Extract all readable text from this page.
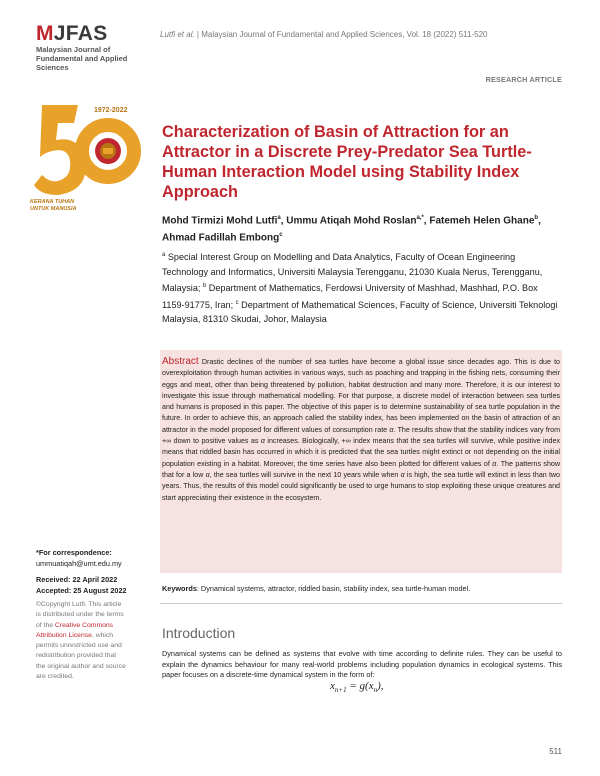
MJFAS
Malaysian Journal of Fundamental and Applied Sciences
Lutfi et al. | Malaysian Journal of Fundamental and Applied Sciences, Vol. 18 (2022) 511-520
RESEARCH ARTICLE
1972-2022
KERANA TUHAN
UNTUK MANUSIA
Characterization of Basin of Attraction for an Attractor in a Discrete Prey-Predator Sea Turtle-Human Interaction Model using Stability Index Approach
Mohd Tirmizi Mohd Lutfi$^a$, Ummu Atiqah Mohd Roslan$^{a,*}$, Fatemeh Helen Ghane$^b$, Ahmad Fadillah Embong$^c$
$^a$ Special Interest Group on Modelling and Data Analytics, Faculty of Ocean Engineering Technology and Informatics, Universiti Malaysia Terengganu, 21030 Kuala Nerus, Terengganu, Malaysia; $^b$ Department of Mathematics, Ferdowsi University of Mashhad, Mashhad, P.O. Box 1159-91775, Iran; $^c$ Department of Mathematical Sciences, Faculty of Science, Universiti Teknologi Malaysia, 81310 Skudai, Johor, Malaysia
Abstract Drastic declines of the number of sea turtles have become a global issue since decades ago. This is due to overexploitation through human activities in various ways, such as poaching and trapping in the fishing nets, consuming their eggs and meat, other than being threatened by pollution, habitat destruction and many more. Therefore, it is our interest to investigate this issue through mathematical modelling. For that purpose, a discrete model of interaction between sea turtles and humans is proposed in this paper. The objective of this paper is to determine sustainability of sea turtle population in the future. In order to achieve this, an approach called the stability index, has been implemented on the basin of attraction of an attractor in the model proposed for different values of consumption rate α. The results show that the stability indices vary from +∞ down to positive values as α increases. Biologically, +∞ index means that the sea turtles will survive, while positive index means that riddled basin has occurred in which it is predicted that the sea turtles might extinct or not depending on the initial population existing in a habitat. Moreover, the time series have also been plotted for different values of α. The patterns show that for a low α, the sea turtles will survive in the next 10 years while when α is high, the sea turtle will extinct in less than two years. Thus, the results of this model could significantly be used to urge humans to stop exploiting these unique creatures and start appreciating their existence in the ecosystem.
Keywords: Dynamical systems, attractor, riddled basin, stability index, sea turtle-human model.
*For correspondence:
ummuatiqah@umt.edu.my
Received: 22 April 2022
Accepted: 25 August 2022
©Copyright Lutfi. This article is distributed under the terms of the Creative Commons Attribution License, which permits unrestricted use and redistribution provided that the original author and source are credited.
Introduction
Dynamical systems can be defined as systems that evolve with time according to definite rules. They can be useful to explain the dynamics behaviour for many real-world problems including population dynamics in ecological systems. This paper focuses on a discrete-time dynamical system in the form of:
$x_{n+1} = g(x_n)$,
511
